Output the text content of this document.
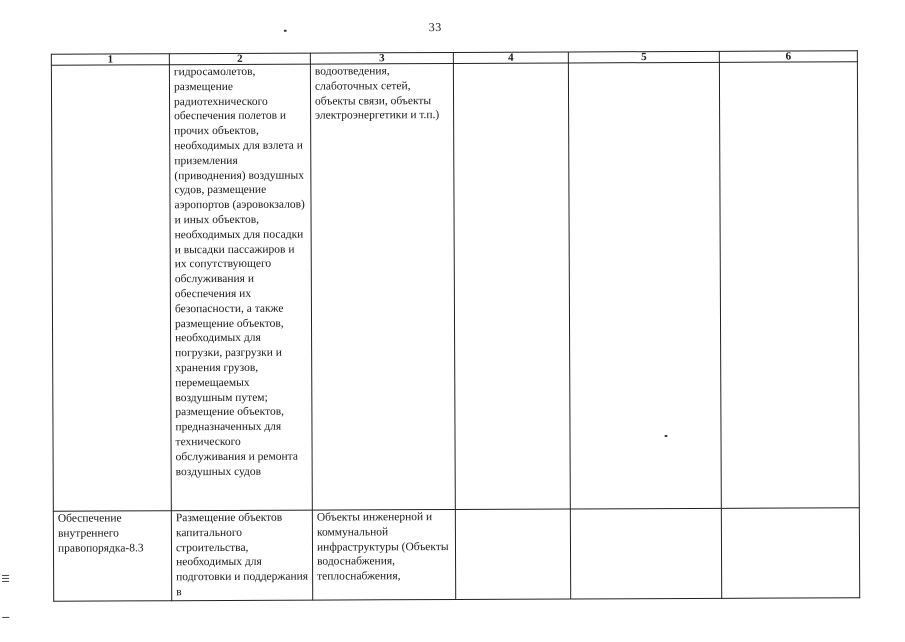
33
1	2	3	4	5	6
	гидросамолетов, размещение радиотехнического обеспечения полетов и прочих объектов, необходимых для взлета и приземления (приводнения) воздушных судов, размещение аэропортов (аэровокзалов) и иных объектов, необходимых для посадки и высадки пассажиров и их сопутствующего обслуживания и обеспечения их безопасности, а также размещение объектов, необходимых для погрузки, разгрузки и хранения грузов, перемещаемых воздушным путем; размещение объектов, предназначенных для технического обслуживания и ремонта воздушных судов	водоотведения, слаботочных сетей, объекты связи, объекты электроэнергетики и т.п.)			
Обеспечение внутреннего правопорядка-8.3	Размещение объектов капитального строительства, необходимых для подготовки и поддержания в	Объекты инженерной и коммунальной инфраструктуры (Объекты водоснабжения, теплоснабжения,			
